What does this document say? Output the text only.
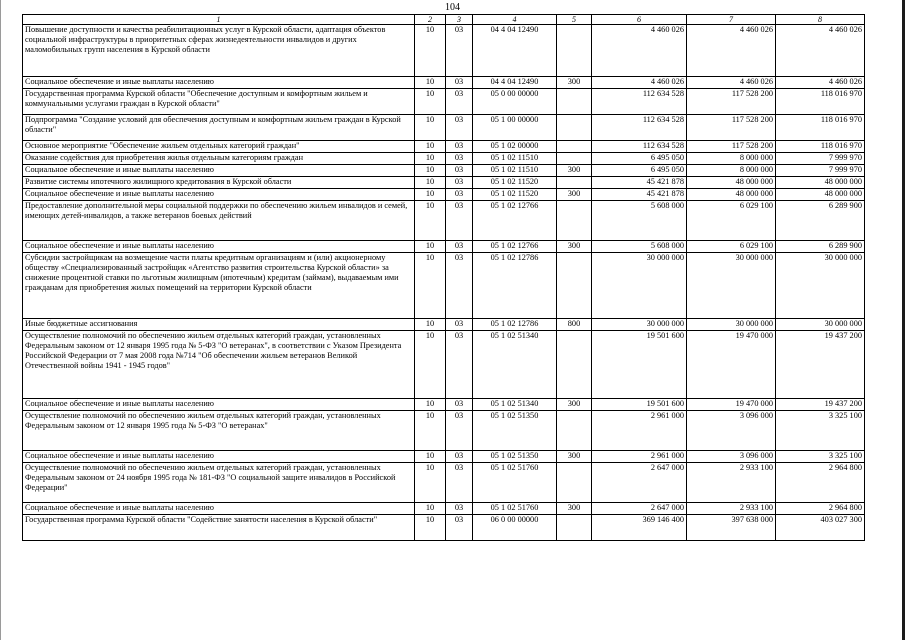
104
1	2	3	4	5	6	7	8
Повышение доступности и качества реабилитационных услуг в Курской области, адаптация объектов социальной инфраструктуры в приоритетных сферах жизнедеятельности инвалидов и других маломобильных групп населения в Курской области	10	03	04 4 04 12490		4 460 026	4 460 026	4 460 026
Социальное обеспечение и иные выплаты населению	10	03	04 4 04 12490	300	4 460 026	4 460 026	4 460 026
Государственная программа Курской области "Обеспечение доступным и комфортным жильем и коммунальными услугами граждан в Курской области"	10	03	05 0 00 00000		112 634 528	117 528 200	118 016 970
Подпрограмма "Создание условий для обеспечения доступным и комфортным жильем граждан в Курской области"	10	03	05 1 00 00000		112 634 528	117 528 200	118 016 970
Основное мероприятие "Обеспечение жильем отдельных категорий граждан"	10	03	05 1 02 00000		112 634 528	117 528 200	118 016 970
Оказание содействия для приобретения жилья отдельным категориям граждан	10	03	05 1 02 11510		6 495 050	8 000 000	7 999 970
Социальное обеспечение и иные выплаты населению	10	03	05 1 02 11510	300	6 495 050	8 000 000	7 999 970
Развитие системы ипотечного жилищного кредитования в Курской области	10	03	05 1 02 11520		45 421 878	48 000 000	48 000 000
Социальное обеспечение и иные выплаты населению	10	03	05 1 02 11520	300	45 421 878	48 000 000	48 000 000
Предоставление дополнительной меры социальной поддержки по обеспечению жильем инвалидов и семей, имеющих детей-инвалидов, а также ветеранов боевых действий	10	03	05 1 02 12766		5 608 000	6 029 100	6 289 900
Социальное обеспечение и иные выплаты населению	10	03	05 1 02 12766	300	5 608 000	6 029 100	6 289 900
Субсидии застройщикам на возмещение части платы кредитным организациям и (или) акционерному обществу «Специализированный застройщик «Агентство развития строительства Курской области» за снижение процентной ставки по льготным жилищным (ипотечным) кредитам (займам), выдаваемым ими гражданам для приобретения жилых помещений на территории Курской области	10	03	05 1 02 12786		30 000 000	30 000 000	30 000 000
Иные бюджетные ассигнования	10	03	05 1 02 12786	800	30 000 000	30 000 000	30 000 000
Осуществление полномочий по обеспечению жильем отдельных категорий граждан, установленных Федеральным законом от 12 января 1995 года № 5-ФЗ "О ветеранах", в соответствии с Указом Президента Российской Федерации от 7 мая 2008 года №714 "Об обеспечении жильем ветеранов Великой Отечественной войны 1941 - 1945 годов"	10	03	05 1 02 51340		19 501 600	19 470 000	19 437 200
Социальное обеспечение и иные выплаты населению	10	03	05 1 02 51340	300	19 501 600	19 470 000	19 437 200
Осуществление полномочий по обеспечению жильем отдельных категорий граждан, установленных Федеральным законом от 12 января 1995 года № 5-ФЗ "О ветеранах"	10	03	05 1 02 51350		2 961 000	3 096 000	3 325 100
Социальное обеспечение и иные выплаты населению	10	03	05 1 02 51350	300	2 961 000	3 096 000	3 325 100
Осуществление полномочий по обеспечению жильем отдельных категорий граждан, установленных Федеральным законом от 24 ноября 1995 года № 181-ФЗ "О социальной защите инвалидов в Российской Федерации"	10	03	05 1 02 51760		2 647 000	2 933 100	2 964 800
Социальное обеспечение и иные выплаты населению	10	03	05 1 02 51760	300	2 647 000	2 933 100	2 964 800
Государственная программа Курской области "Содействие занятости населения в Курской области"	10	03	06 0 00 00000		369 146 400	397 638 000	403 027 300
